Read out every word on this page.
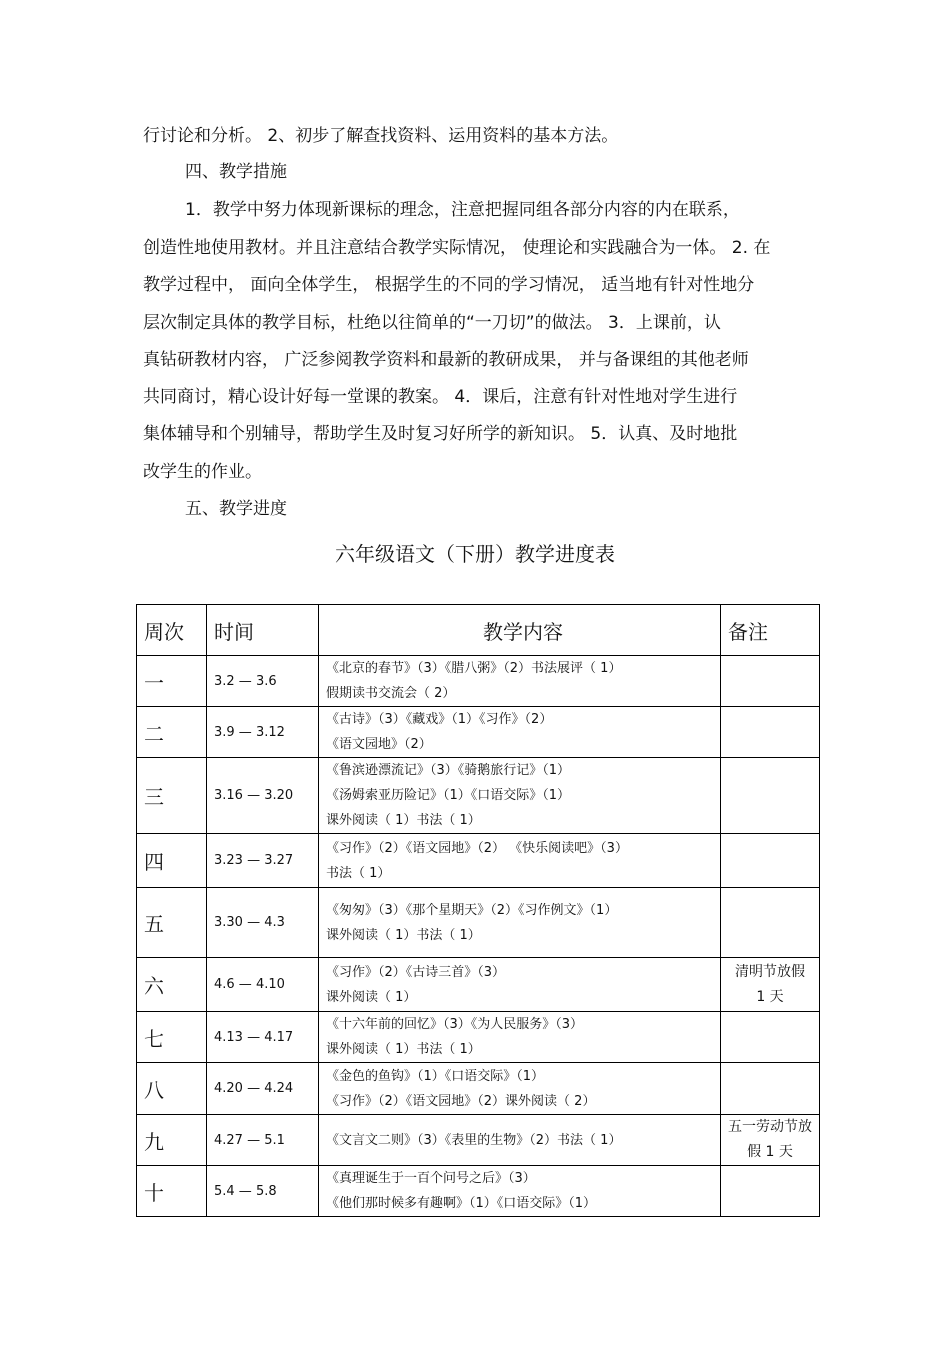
行讨论和分析。 2、初步了解查找资料、运用资料的基本方法。
四、教学措施
1．教学中努力体现新课标的理念，注意把握同组各部分内容的内在联系，
创造性地使用教材。并且注意结合教学实际情况， 使理论和实践融合为一体。 2. 在
教学过程中， 面向全体学生， 根据学生的不同的学习情况， 适当地有针对性地分
层次制定具体的教学目标，杜绝以往简单的“一刀切”的做法。 3．上课前，认
真钻研教材内容， 广泛参阅教学资料和最新的教研成果， 并与备课组的其他老师
共同商讨，精心设计好每一堂课的教案。 4．课后，注意有针对性地对学生进行
集体辅导和个别辅导，帮助学生及时复习好所学的新知识。 5．认真、及时地批
改学生的作业。
五、教学进度
六年级语文（下册）教学进度表
周次	时间	教学内容	备注
一	3.2 — 3.6	《北京的春节》（3）《腊八粥》（2）书法展评（ 1）
假期读书交流会（ 2）	

二	3.9 — 3.12	《古诗》（3）《藏戏》（1）《习作》（2）
《语文园地》（2）	

三	3.16 — 3.20	《鲁滨逊漂流记》（3）《骑鹅旅行记》（1）
《汤姆索亚历险记》（1）《口语交际》（1）
课外阅读（ 1）书法（ 1）	

四	3.23 — 3.27	《习作》（2）《语文园地》（2） 《快乐阅读吧》（3）
书法（ 1）	

五	3.30 — 4.3	《匆匆》（3）《那个星期天》（2）《习作例文》（1）
课外阅读（ 1）书法（ 1）	

六	4.6 — 4.10	《习作》（2）《古诗三首》（3）
课外阅读（ 1）	清明节放假 1 天

七	4.13 — 4.17	《十六年前的回忆》（3）《为人民服务》（3）
课外阅读（ 1）书法（ 1）	

八	4.20 — 4.24	《金色的鱼钩》（1）《口语交际》（1）
《习作》（2）《语文园地》（2）课外阅读（ 2）	

九	4.27 — 5.1	《文言文二则》（3）《表里的生物》（2）书法（ 1）	五一劳动节放假 1 天

十	5.4 — 5.8	《真理诞生于一百个问号之后》（3）
《他们那时候多有趣啊》（1）《口语交际》（1）	
